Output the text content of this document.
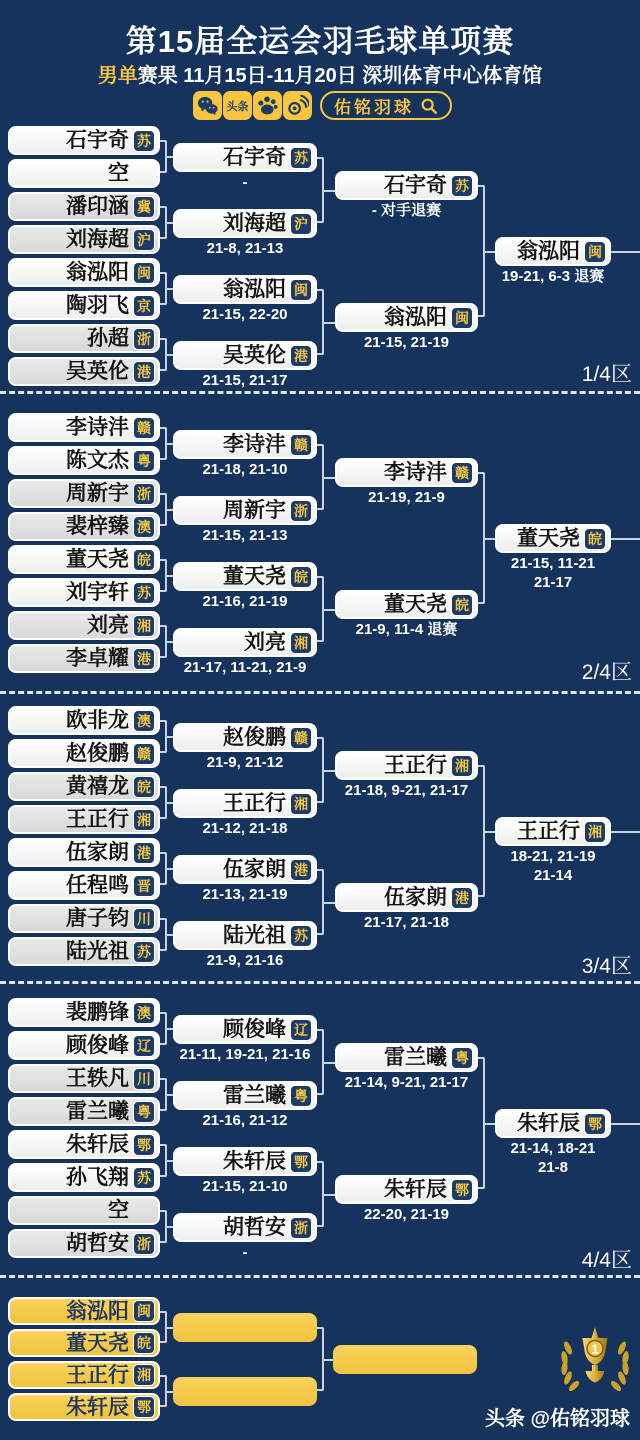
第15届全运会羽毛球单项赛
男单赛果 11月15日-11月20日 深圳体育中心体育馆
头条	佑铭羽球
石宇奇 苏
空
潘印涵 冀
刘海超 沪
翁泓阳 闽
陶羽飞 京
孙超 浙
吴英伦 港
石宇奇 苏
-
刘海超 沪
21-8, 21-13
翁泓阳 闽
21-15, 22-20
吴英伦 港
21-15, 21-17
石宇奇 苏
- 对手退赛
翁泓阳 闽
21-15, 21-19
翁泓阳 闽
19-21, 6-3 退赛
1/4区
李诗沣 赣
陈文杰 粤
周新宇 浙
裴梓臻 澳
董天尧 皖
刘宇轩 苏
刘亮 湘
李卓耀 港
李诗沣 赣
21-18, 21-10
周新宇 浙
21-15, 21-13
董天尧 皖
21-16, 21-19
刘亮 湘
21-17, 11-21, 21-9
李诗沣 赣
21-19, 21-9
董天尧 皖
21-9, 11-4 退赛
董天尧 皖
21-15, 11-21
21-17
2/4区
欧非龙 澳
赵俊鹏 赣
黄禧龙 皖
王正行 湘
伍家朗 港
任程鸣 晋
唐子钧 川
陆光祖 苏
赵俊鹏 赣
21-9, 21-12
王正行 湘
21-12, 21-18
伍家朗 港
21-13, 21-19
陆光祖 苏
21-9, 21-16
王正行 湘
21-18, 9-21, 21-17
伍家朗 港
21-17, 21-18
王正行 湘
18-21, 21-19
21-14
3/4区
裴鹏锋 澳
顾俊峰 辽
王轶凡 川
雷兰曦 粤
朱轩辰 鄂
孙飞翔 苏
空
胡哲安 浙
顾俊峰 辽
21-11, 19-21, 21-16
雷兰曦 粤
21-16, 21-12
朱轩辰 鄂
21-15, 21-10
胡哲安 浙
-
雷兰曦 粤
21-14, 9-21, 21-17
朱轩辰 鄂
22-20, 21-19
朱轩辰 鄂
21-14, 18-21
21-8
4/4区
翁泓阳 闽
董天尧 皖
王正行 湘
朱轩辰 鄂
1
头条 @佑铭羽球
